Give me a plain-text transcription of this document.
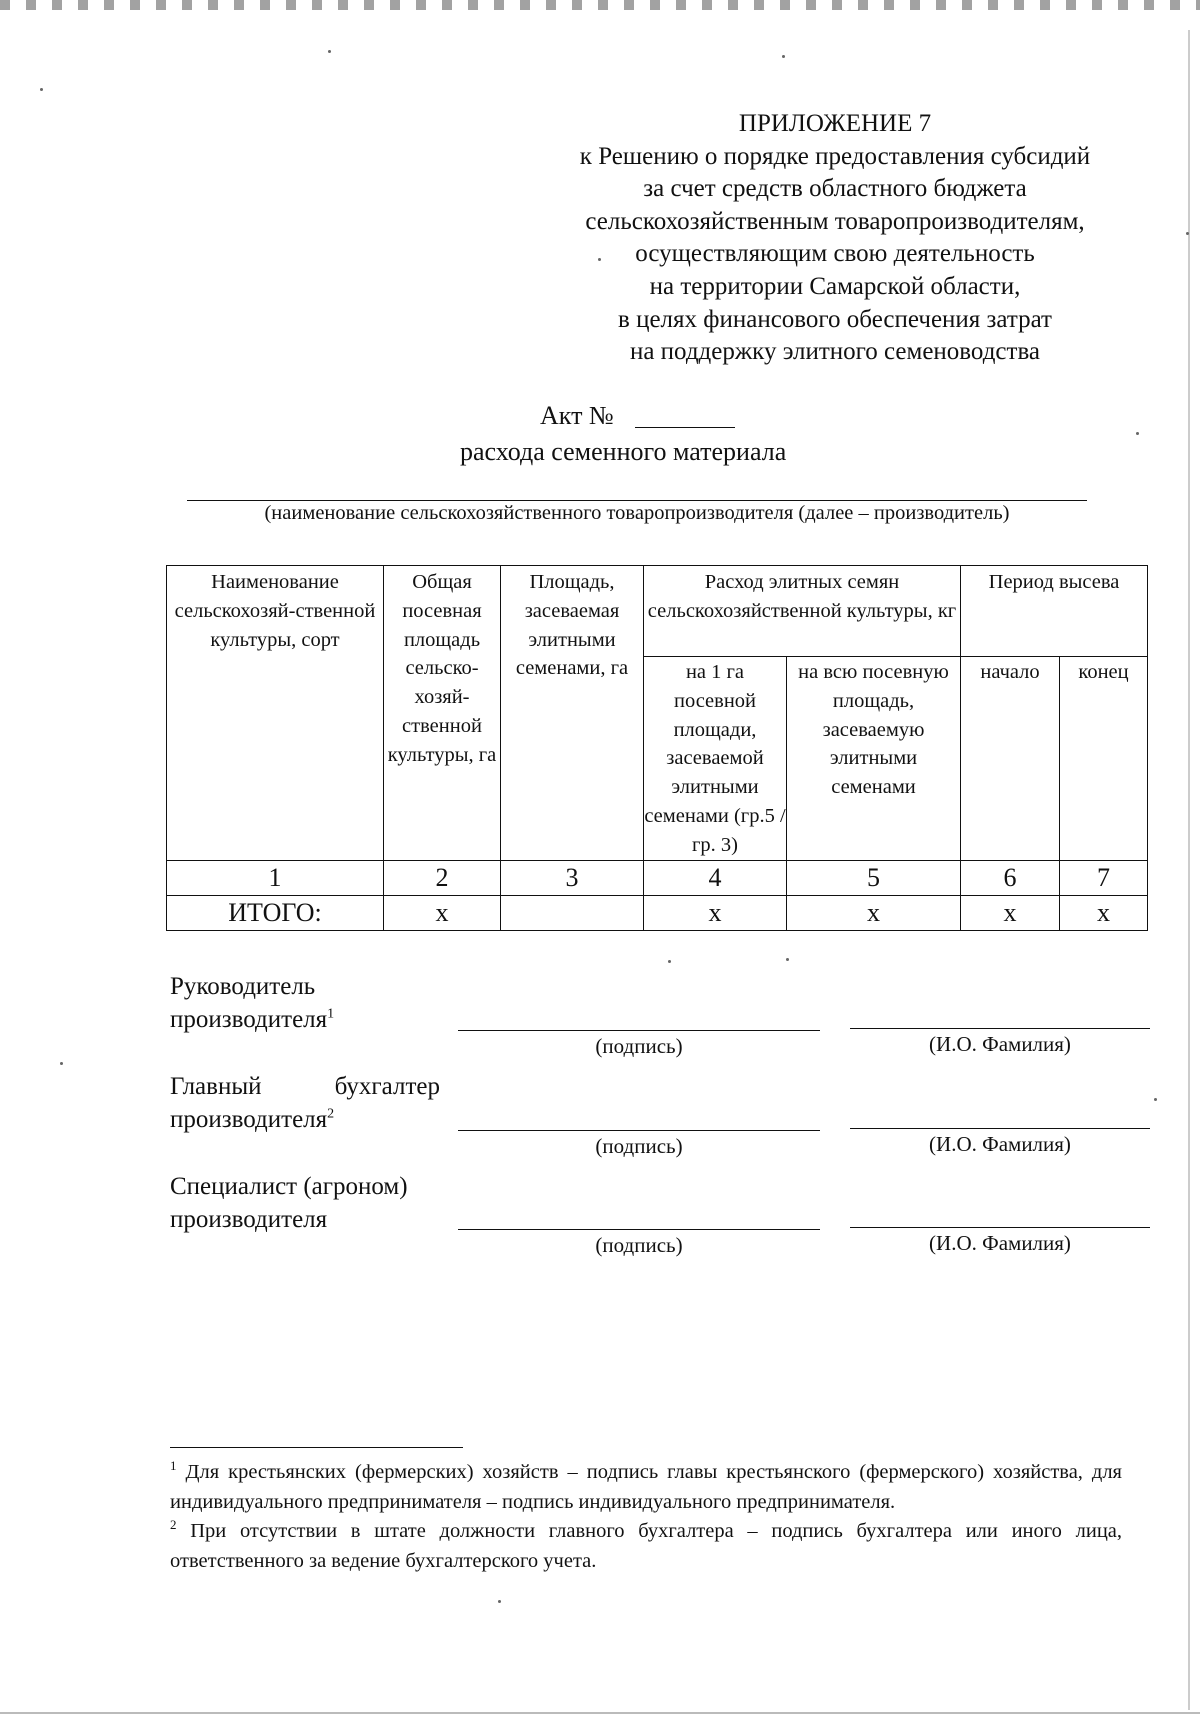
ПРИЛОЖЕНИЕ 7
к Решению о порядке предоставления субсидий
за счет средств областного бюджета
сельскохозяйственным товаропроизводителям,
осуществляющим свою деятельность
на территории Самарской области,
в целях финансового обеспечения затрат
на поддержку элитного семеноводства
Акт №
расхода семенного материала
(наименование сельскохозяйственного товаропроизводителя (далее – производитель)
Наименование сельскохозяй-ственной культуры, сорт	Общая посевная площадь сельско-хозяй-ственной культуры, га	Площадь, засеваемая элитными семенами, га	Расход элитных семян сельскохозяйственной культуры, кг		Период высева	
			на 1 га посевной площади, засеваемой элитными семенами (гр.5 / гр. 3)	на всю посевную площадь, засеваемую элитными семенами	начало	конец
1	2	3	4	5	6	7
ИТОГО:	х		х	х	х	х
Руководитель
производителя$^1$
(подпись)	(И.О. Фамилия)
Главный	бухгалтер
производителя$^2$
(подпись)	(И.О. Фамилия)
Специалист (агроном)
производителя
(подпись)	(И.О. Фамилия)

$^1$ Для крестьянских (фермерских) хозяйств – подпись главы крестьянского (фермерского) хозяйства, для индивидуального предпринимателя – подпись индивидуального предпринимателя.

$^2$ При отсутствии в штате должности главного бухгалтера – подпись бухгалтера или иного лица, ответственного за ведение бухгалтерского учета.
